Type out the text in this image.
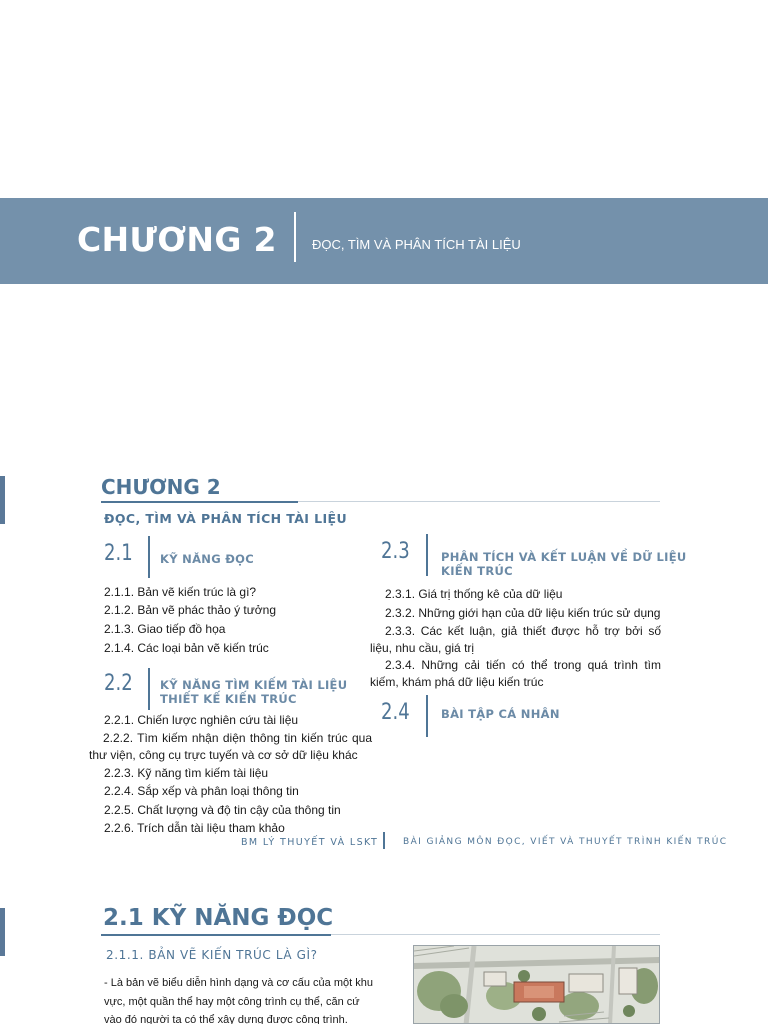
CHƯƠNG 2	ĐỌC, TÌM VÀ PHÂN TÍCH TÀI LIỆU
CHƯƠNG 2
ĐỌC, TÌM VÀ PHÂN TÍCH TÀI LIỆU
2.1 KỸ NĂNG ĐỌC
2.1.1. Bản vẽ kiến trúc là gì?
2.1.2. Bản vẽ phác thảo ý tưởng
2.1.3. Giao tiếp đồ họa
2.1.4. Các loại bản vẽ kiến trúc
2.2 KỸ NĂNG TÌM KIẾM TÀI LIỆU
THIẾT KẾ KIẾN TRÚC
2.2.1. Chiến lược nghiên cứu tài liệu
2.2.2. Tìm kiếm nhận diện thông tin kiến trúc qua thư viện, công cụ trực tuyến và cơ sở dữ liệu khác
2.2.3. Kỹ năng tìm kiếm tài liệu
2.2.4. Sắp xếp và phân loại thông tin
2.2.5. Chất lượng và độ tin cậy của thông tin
2.2.6. Trích dẫn tài liệu tham khảo
2.3	PHÂN TÍCH VÀ KẾT LUẬN VỀ DỮ LIỆU
KIẾN TRÚC
2.3.1. Giá trị thống kê của dữ liệu
2.3.2. Những giới hạn của dữ liệu kiến trúc sử dụng
2.3.3. Các kết luận, giả thiết được hỗ trợ bởi số liệu, nhu cầu, giá trị
2.3.4. Những cải tiến có thể trong quá trình tìm kiếm, khám phá dữ liệu kiến trúc
2.4	BÀI TẬP CÁ NHÂN
BM LÝ THUYẾT VÀ LSKT	BÀI GIẢNG MÔN ĐỌC, VIẾT VÀ THUYẾT TRÌNH KIẾN TRÚC
2.1 KỸ NĂNG ĐỌC
2.1.1. BẢN VẼ KIẾN TRÚC LÀ GÌ?
- Là bản vẽ biểu diễn hình dạng và cơ cấu của một khu
vực, một quần thể hay một công trình cụ thể, căn cứ
vào đó người ta có thể xây dựng được công trình.
